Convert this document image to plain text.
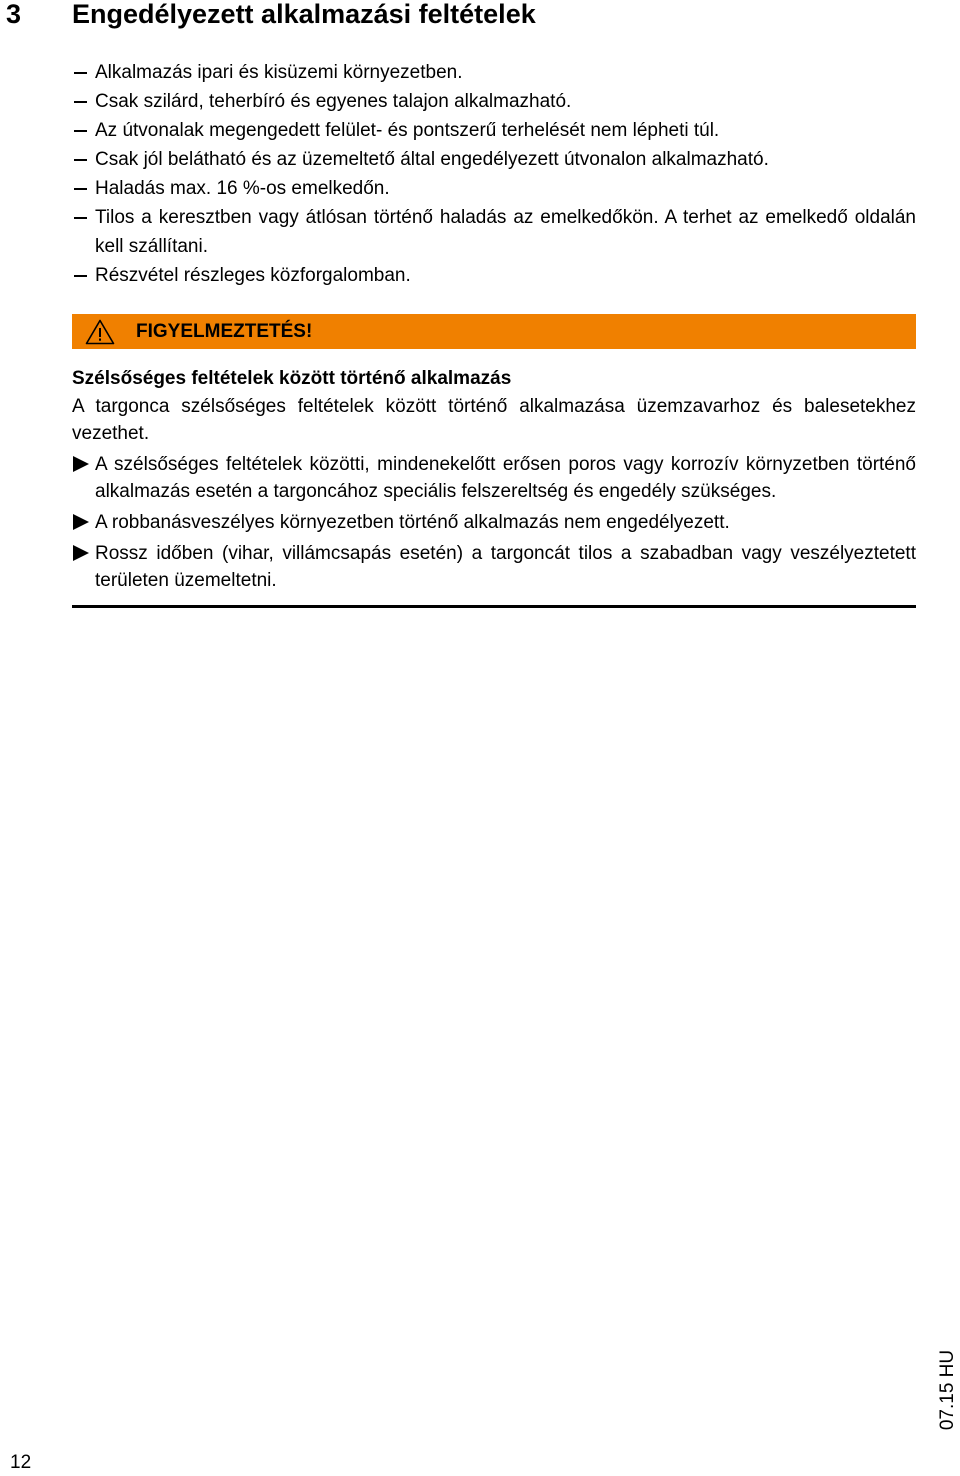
3 Engedélyezett alkalmazási feltételek
Alkalmazás ipari és kisüzemi környezetben.
Csak szilárd, teherbíró és egyenes talajon alkalmazható.
Az útvonalak megengedett felület- és pontszerű terhelését nem lépheti túl.
Csak jól belátható és az üzemeltető által engedélyezett útvonalon alkalmazható.
Haladás max. 16 %-os emelkedőn.
Tilos a keresztben vagy átlósan történő haladás az emelkedőkön. A terhet az emelkedő oldalán kell szállítani.
Részvétel részleges közforgalomban.
FIGYELMEZTETÉS!
Szélsőséges feltételek között történő alkalmazás

A targonca szélsőséges feltételek között történő alkalmazása üzemzavarhoz és balesetekhez vezethet.

A szélsőséges feltételek közötti, mindenekelőtt erősen poros vagy korrozív környzetben történő alkalmazás esetén a targoncához speciális felszereltség és engedély szükséges.
A robbanásveszélyes környezetben történő alkalmazás nem engedélyezett.
Rossz időben (vihar, villámcsapás esetén) a targoncát tilos a szabadban vagy veszélyeztetett területen üzemeltetni.
12
07.15 HU
